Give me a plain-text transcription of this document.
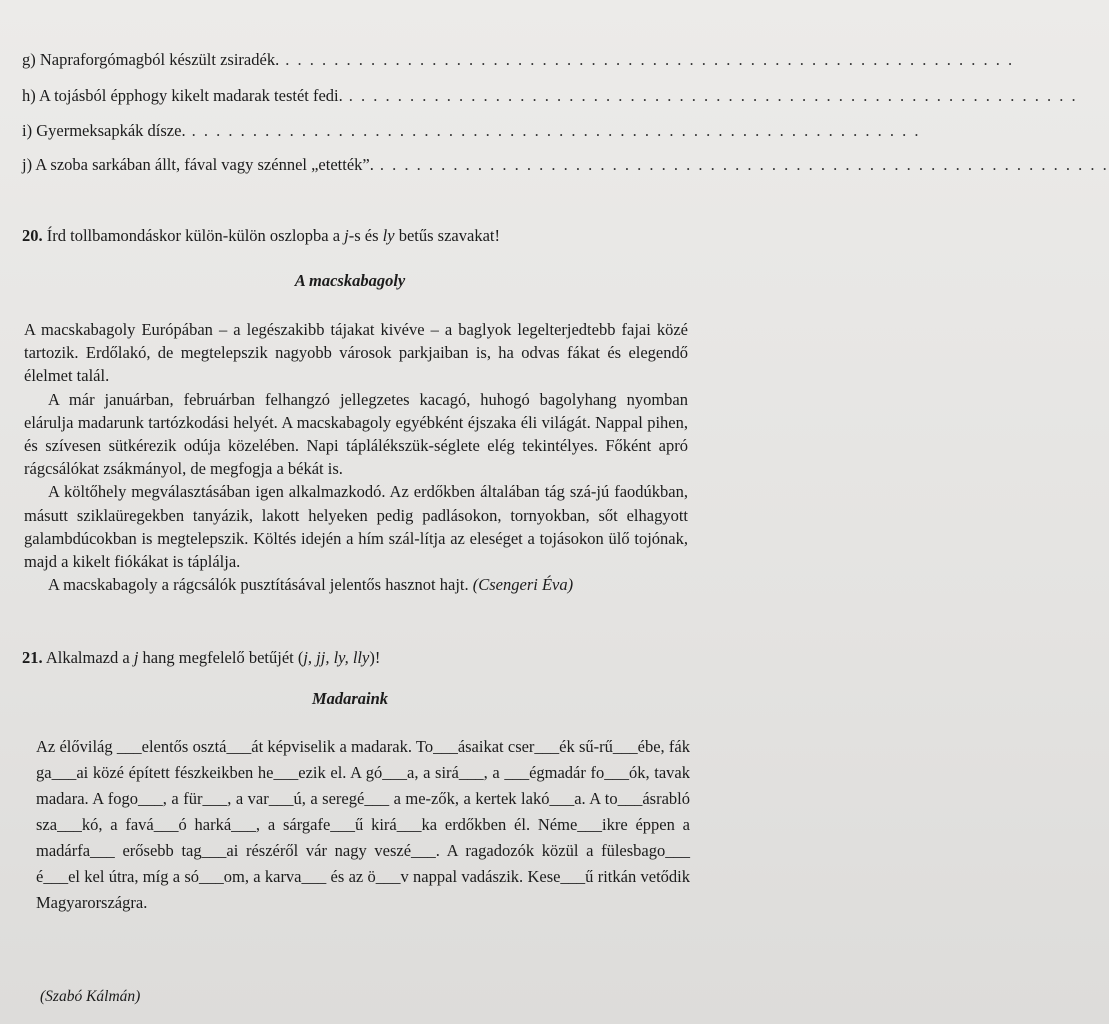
g) Napraforgómagból készült zsiradék. . . . . . . . . . . . . . . . . . . . . . . . . . . . . . . . . . . . . . . . . . . . . . . . . . . . . . . . . . . . .
h) A tojásból épphogy kikelt madarak testét fedi. . . . . . . . . . . . . . . . . . . . . . . . . . . . . . . . . . . . . . . . . . . . . . . . . . . . . . . . . . . . .
i) Gyermeksapkák dísze. . . . . . . . . . . . . . . . . . . . . . . . . . . . . . . . . . . . . . . . . . . . . . . . . . . . . . . . . . . . .
j) A szoba sarkában állt, fával vagy szénnel „etették”. . . . . . . . . . . . . . . . . . . . . . . . . . . . . . . . . . . . . . . . . . . . . . . . . . . . . . . . . . . . .
20. Írd tollbamondáskor külön-külön oszlopba a j-s és ly betűs szavakat!
A macskabagoly

A macskabagoly Európában – a legészakibb tájakat kivéve – a baglyok legelterjedtebb fajai közé tartozik. Erdőlakó, de megtelepszik nagyobb városok parkjaiban is, ha odvas fákat és elegendő élelmet talál.

A már januárban, februárban felhangzó jellegzetes kacagó, huhogó bagolyhang nyomban elárulja madarunk tartózkodási helyét. A macskabagoly egyébként éjszaka éli világát. Nappal pihen, és szívesen sütkérezik odúja közelében. Napi táplálékszük-séglete elég tekintélyes. Főként apró rágcsálókat zsákmányol, de megfogja a békát is.

A költőhely megválasztásában igen alkalmazkodó. Az erdőkben általában tág szá-jú faodúkban, másutt sziklaüregekben tanyázik, lakott helyeken pedig padlásokon, tornyokban, sőt elhagyott galambdúcokban is megtelepszik. Költés idején a hím szál-lítja az eleséget a tojásokon ülő tojónak, majd a kikelt fiókákat is táplálja.

A macskabagoly a rágcsálók pusztításával jelentős hasznot hajt. (Csengeri Éva)

21. Alkalmazd a j hang megfelelő betűjét (j, jj, ly, lly)!
Madaraink
Az élővilág ___elentős osztá___át képviselik a madarak. To___ásaikat cser___ék sű-rű___ébe, fák ga___ai közé épített fészkeikben he___ezik el. A gó___a, a sirá___, a ___égmadár fo___ók, tavak madara. A fogo___, a für___, a var___ú, a seregé___ a me-zők, a kertek lakó___a. A to___ásrabló sza___kó, a favá___ó harká___, a sárgafe___ű kirá___ka erdőkben él. Néme___ikre éppen a madárfa___ erősebb tag___ai részéről vár nagy veszé___. A ragadozók közül a fülesbago___ é___el kel útra, míg a só___om, a karva___ és az ö___v nappal vadászik. Kese___ű ritkán vetődik Magyarországra.
(Szabó Kálmán)
